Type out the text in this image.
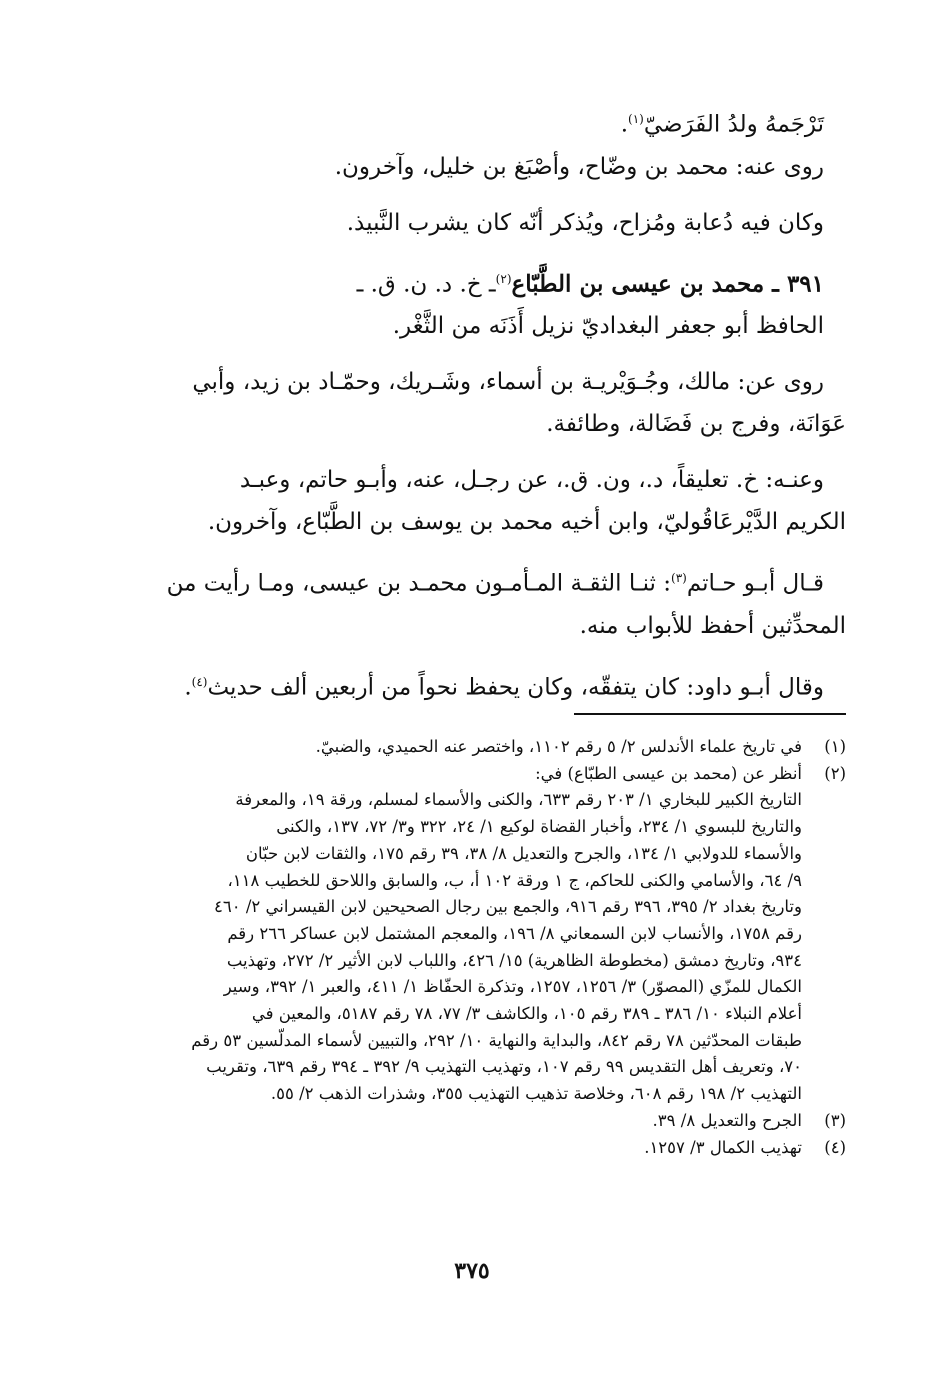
تَرْجَمهُ ولدُ الفَرَضيّ$^{(١)}$.
روى عنه: محمد بن وضّاح، وأصْبَغ بن خليل، وآخرون.
وكان فيه دُعابة ومُزاح، ويُذكر أنّه كان يشرب النَّبيذ.
٣٩١ ـ محمد بن عيسى بن الطَّبّاع$^{(٢)}$ـ خ. د. ن. ق. ـ
الحافظ أبو جعفر البغداديّ نزيل أَذَنَه من الثَّغْر.
روى عن: مالك، وجُـوَيْريـة بن أسماء، وشَـريك، وحمّـاد بن زيد، وأبي
عَوَانَة، وفرج بن فَضَالة، وطائفة.
وعنـه: خ. تعليقاً، د.، ون. ق.، عن رجـل، عنه، وأبـو حاتم، وعبـد
الكريم الدَّيْرعَاقُوليّ، وابن أخيه محمد بن يوسف بن الطَّبّاع، وآخرون.
قـال أبـو حـاتم$^{(٣)}$: ثنـا الثقـة المـأمـون محمـد بن عيسى، ومـا رأيت من
المحدِّثين أحفظ للأبواب منه.
وقال أبـو داود: كان يتفقّه، وكان يحفظ نحواً من أربعين ألف حديث$^{(٤)}$.
(١)
في تاريخ علماء الأندلس ٢/ ٥ رقم ١١٠٢، واختصر عنه الحميدي، والضبيّ.
(٢)
أنظر عن (محمد بن عيسى الطبّاع) في:
التاريخ الكبير للبخاري ١/ ٢٠٣ رقم ٦٣٣، والكنى والأسماء لمسلم، ورقة ١٩، والمعرفة
والتاريخ للبسوي ١/ ٢٣٤، وأخبار القضاة لوكيع ١/ ٢٤، ٣٢٢ و٣/ ٧٢، ١٣٧، والكنى
والأسماء للدولابي ١/ ١٣٤، والجرح والتعديل ٨/ ٣٨، ٣٩ رقم ١٧٥، والثقات لابن حبّان
٩/ ٦٤، والأسامي والكنى للحاكم، ج ١ ورقة ١٠٢ أ، ب، والسابق واللاحق للخطيب ١١٨،
وتاريخ بغداد ٢/ ٣٩٥، ٣٩٦ رقم ٩١٦، والجمع بين رجال الصحيحين لابن القيسراني ٢/ ٤٦٠
رقم ١٧٥٨، والأنساب لابن السمعاني ٨/ ١٩٦، والمعجم المشتمل لابن عساكر ٢٦٦ رقم
٩٣٤، وتاريخ دمشق (مخطوطة الظاهرية) ١٥/ ٤٢٦، واللباب لابن الأثير ٢/ ٢٧٢، وتهذيب
الكمال للمزّي (المصوّر) ٣/ ١٢٥٦، ١٢٥٧، وتذكرة الحفّاظ ١/ ٤١١، والعبر ١/ ٣٩٢، وسير
أعلام النبلاء ١٠/ ٣٨٦ ـ ٣٨٩ رقم ١٠٥، والكاشف ٣/ ٧٧، ٧٨ رقم ٥١٨٧، والمعين في
طبقات المحدّثين ٧٨ رقم ٨٤٢، والبداية والنهاية ١٠/ ٢٩٢، والتبيين لأسماء المدلّسين ٥٣ رقم
٧٠، وتعريف أهل التقديس ٩٩ رقم ١٠٧، وتهذيب التهذيب ٩/ ٣٩٢ ـ ٣٩٤ رقم ٦٣٩، وتقريب
التهذيب ٢/ ١٩٨ رقم ٦٠٨، وخلاصة تذهيب التهذيب ٣٥٥، وشذرات الذهب ٢/ ٥٥.
(٣)
الجرح والتعديل ٨/ ٣٩.
(٤)
تهذيب الكمال ٣/ ١٢٥٧.
٣٧٥
